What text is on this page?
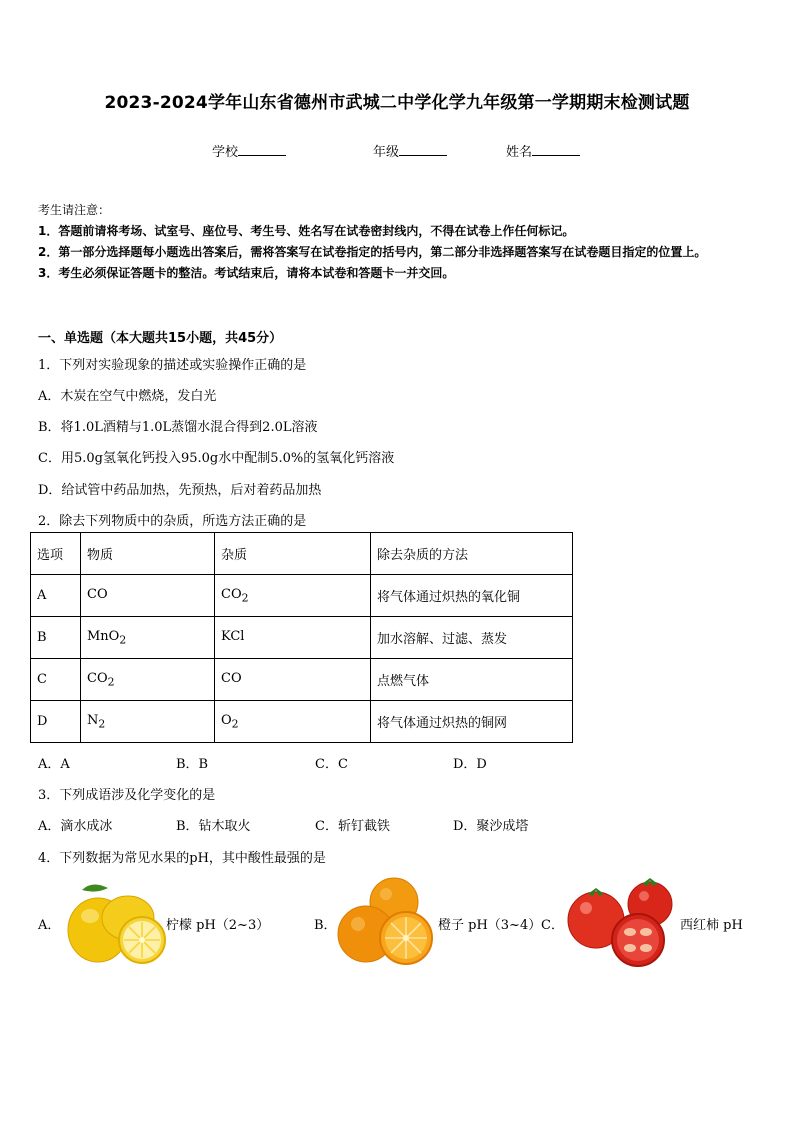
2023-2024学年山东省德州市武城二中学化学九年级第一学期期末检测试题
学校	年级	姓名
考生请注意：
1．答题前请将考场、试室号、座位号、考生号、姓名写在试卷密封线内，不得在试卷上作任何标记。
2．第一部分选择题每小题选出答案后，需将答案写在试卷指定的括号内，第二部分非选择题答案写在试卷题目指定的位置上。
3．考生必须保证答题卡的整洁。考试结束后，请将本试卷和答题卡一并交回。
一、单选题（本大题共15小题，共45分）
1．下列对实验现象的描述或实验操作正确的是
A．木炭在空气中燃烧，发白光
B．将1.0L酒精与1.0L蒸馏水混合得到2.0L溶液
C．用5.0g氢氧化钙投入95.0g水中配制5.0%的氢氧化钙溶液
D．给试管中药品加热，先预热，后对着药品加热
2．除去下列物质中的杂质，所选方法正确的是
选项	物质	杂质	除去杂质的方法
A	CO	$CO_2$	将气体通过炽热的氧化铜
B	MnO$_2$	KCl	加水溶解、过滤、蒸发
C	$CO_2$	CO	点燃气体
D	$N_2$	$O_2$	将气体通过炽热的铜网
A．A	B．B	C．C	D．D
3．下列成语涉及化学变化的是
A．滴水成冰	B．钻木取火	C．斩钉截铁	D．聚沙成塔
4．下列数据为常见水果的pH，其中酸性最强的是
A．	柠檬 pH（2~3）	B．	橙子 pH（3~4） C．	西红柿 pH
